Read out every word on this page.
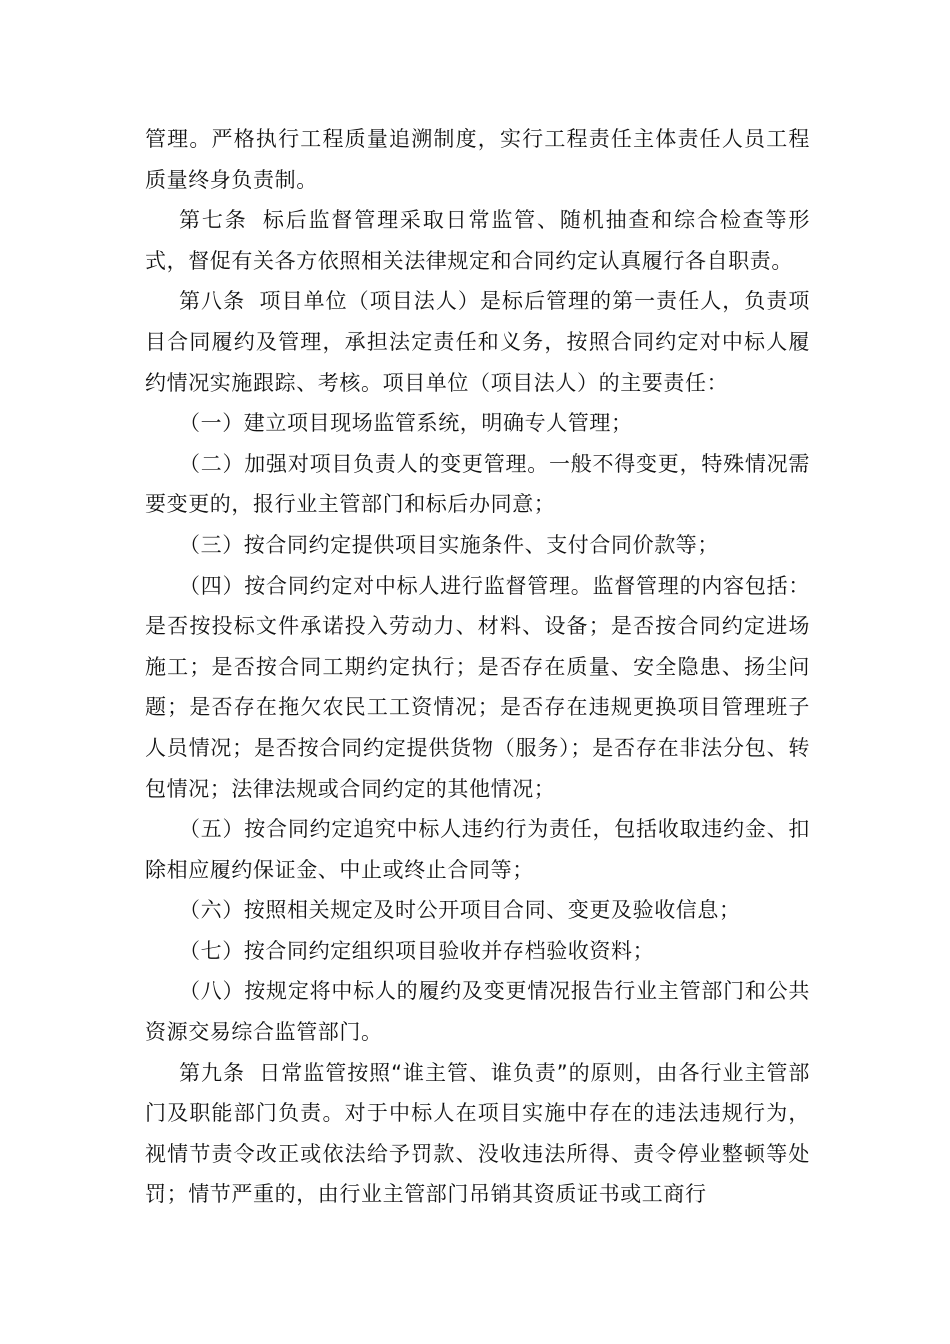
管理。严格执行工程质量追溯制度，实行工程责任主体责任人员工程质量终身负责制。

第七条 标后监督管理采取日常监管、随机抽查和综合检查等形式，督促有关各方依照相关法律规定和合同约定认真履行各自职责。

第八条 项目单位（项目法人）是标后管理的第一责任人，负责项目合同履约及管理，承担法定责任和义务，按照合同约定对中标人履约情况实施跟踪、考核。项目单位（项目法人）的主要责任：

（一）建立项目现场监管系统，明确专人管理；

（二）加强对项目负责人的变更管理。一般不得变更，特殊情况需要变更的，报行业主管部门和标后办同意；

（三）按合同约定提供项目实施条件、支付合同价款等；

（四）按合同约定对中标人进行监督管理。监督管理的内容包括：是否按投标文件承诺投入劳动力、材料、设备；是否按合同约定进场施工；是否按合同工期约定执行；是否存在质量、安全隐患、扬尘问题；是否存在拖欠农民工工资情况；是否存在违规更换项目管理班子人员情况；是否按合同约定提供货物（服务）；是否存在非法分包、转包情况；法律法规或合同约定的其他情况；

（五）按合同约定追究中标人违约行为责任，包括收取违约金、扣除相应履约保证金、中止或终止合同等；

（六）按照相关规定及时公开项目合同、变更及验收信息；

（七）按合同约定组织项目验收并存档验收资料；

（八）按规定将中标人的履约及变更情况报告行业主管部门和公共资源交易综合监管部门。

第九条 日常监管按照“谁主管、谁负责”的原则，由各行业主管部门及职能部门负责。对于中标人在项目实施中存在的违法违规行为，视情节责令改正或依法给予罚款、没收违法所得、责令停业整顿等处罚；情节严重的，由行业主管部门吊销其资质证书或工商行
